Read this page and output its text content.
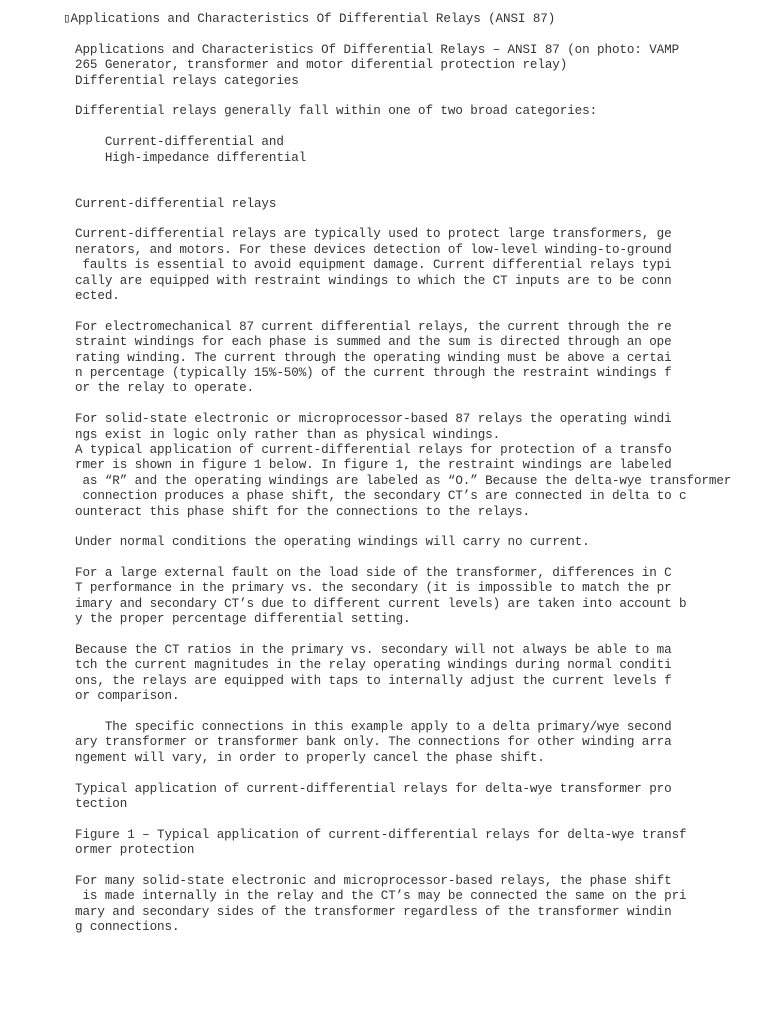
▯Applications and Characteristics Of Differential Relays (ANSI 87)
Applications and Characteristics Of Differential Relays – ANSI 87 (on photo: VAMP
265 Generator, transformer and motor diferential protection relay)
Differential relays categories
Differential relays generally fall within one of two broad categories:
Current-differential and
High-impedance differential
Current-differential relays
Current-differential relays are typically used to protect large transformers, ge
nerators, and motors. For these devices detection of low-level winding-to-ground
faults is essential to avoid equipment damage. Current differential relays typi
cally are equipped with restraint windings to which the CT inputs are to be conn
ected.
For electromechanical 87 current differential relays, the current through the re
straint windings for each phase is summed and the sum is directed through an ope
rating winding. The current through the operating winding must be above a certai
n percentage (typically 15%-50%) of the current through the restraint windings f
or the relay to operate.
For solid-state electronic or microprocessor-based 87 relays the operating windi
ngs exist in logic only rather than as physical windings.
A typical application of current-differential relays for protection of a transfo
rmer is shown in figure 1 below. In figure 1, the restraint windings are labeled
as “R” and the operating windings are labeled as “O.” Because the delta-wye transformer
connection produces a phase shift, the secondary CT’s are connected in delta to c
ounteract this phase shift for the connections to the relays.
Under normal conditions the operating windings will carry no current.
For a large external fault on the load side of the transformer, differences in C
T performance in the primary vs. the secondary (it is impossible to match the pr
imary and secondary CT’s due to different current levels) are taken into account b
y the proper percentage differential setting.
Because the CT ratios in the primary vs. secondary will not always be able to ma
tch the current magnitudes in the relay operating windings during normal conditi
ons, the relays are equipped with taps to internally adjust the current levels f
or comparison.
The specific connections in this example apply to a delta primary/wye second
ary transformer or transformer bank only. The connections for other winding arra
ngement will vary, in order to properly cancel the phase shift.
Typical application of current-differential relays for delta-wye transformer pro
tection
Figure 1 – Typical application of current-differential relays for delta-wye transf
ormer protection
For many solid-state electronic and microprocessor-based relays, the phase shift
is made internally in the relay and the CT’s may be connected the same on the pri
mary and secondary sides of the transformer regardless of the transformer windin
g connections.
